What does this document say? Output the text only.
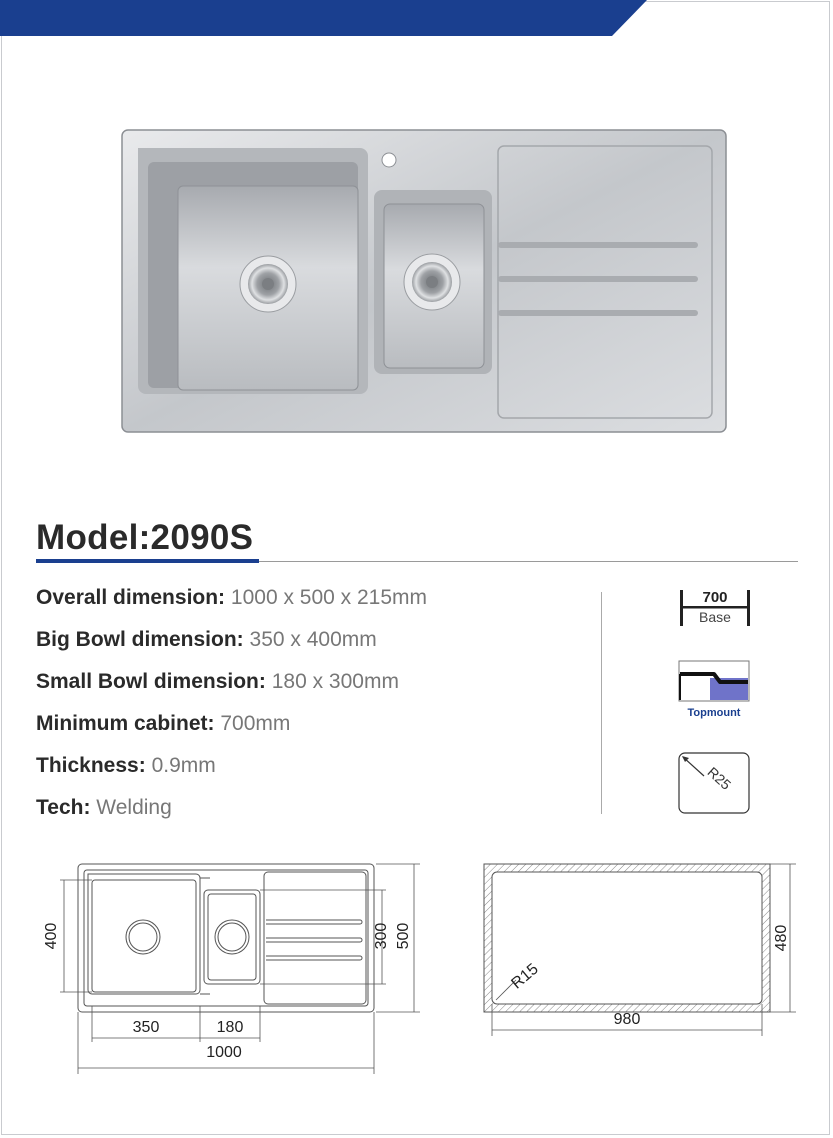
Model:2090S
Overall dimension: 1000 x 500 x 215mm
Big Bowl dimension: 350 x 400mm
Small Bowl dimension: 180 x 300mm
Minimum cabinet: 700mm
Thickness: 0.9mm
Tech: Welding
700
Base
Topmount
R25
400	300 500
350	180
1000
480
980
R15
